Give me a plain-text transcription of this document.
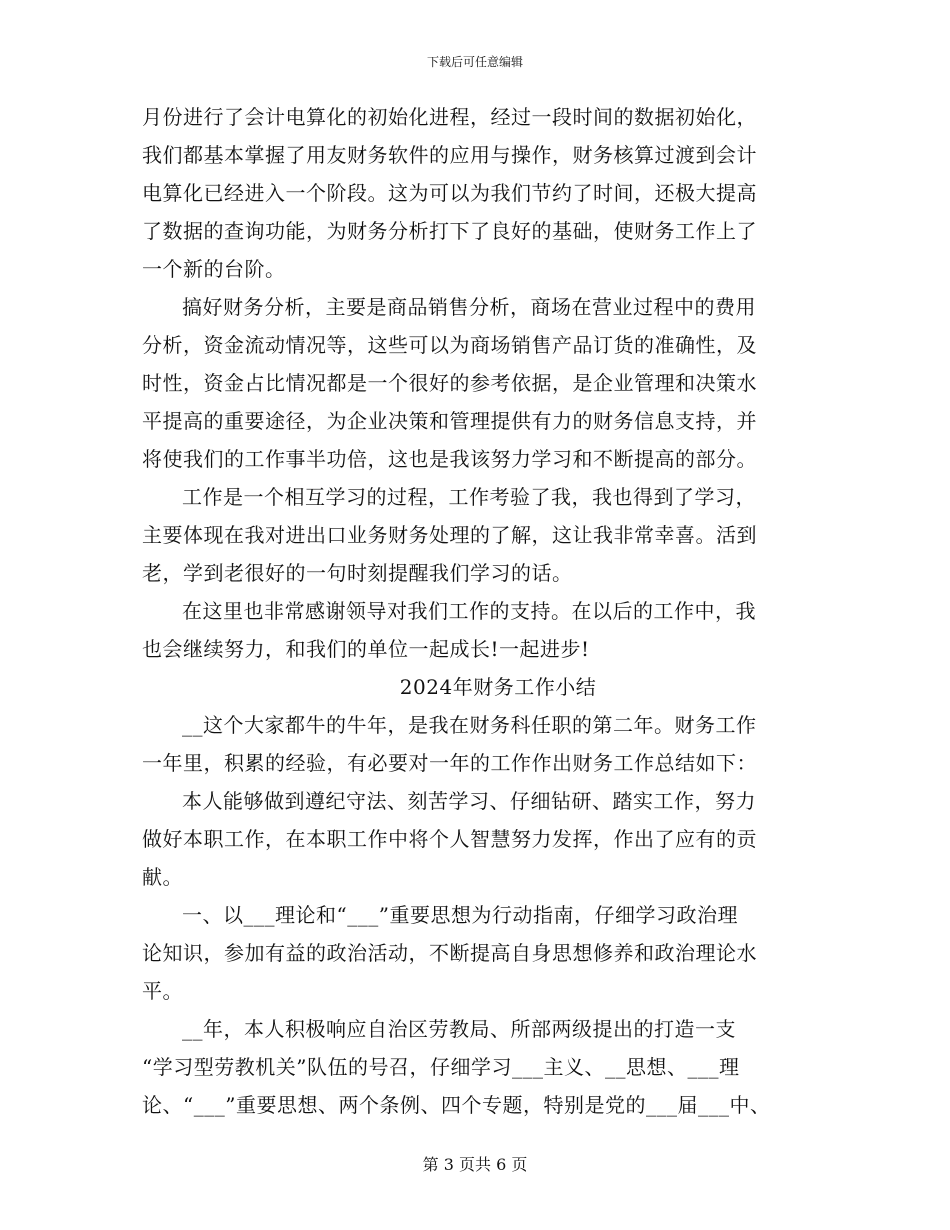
下载后可任意编辑
月份进行了会计电算化的初始化进程，经过一段时间的数据初始化，
我们都基本掌握了用友财务软件的应用与操作，财务核算过渡到会计
电算化已经进入一个阶段。这为可以为我们节约了时间，还极大提高
了数据的查询功能，为财务分析打下了良好的基础，使财务工作上了
一个新的台阶。
搞好财务分析，主要是商品销售分析，商场在营业过程中的费用
分析，资金流动情况等，这些可以为商场销售产品订货的准确性，及
时性，资金占比情况都是一个很好的参考依据，是企业管理和决策水
平提高的重要途径，为企业决策和管理提供有力的财务信息支持，并
将使我们的工作事半功倍，这也是我该努力学习和不断提高的部分。
工作是一个相互学习的过程，工作考验了我，我也得到了学习，
主要体现在我对进出口业务财务处理的了解，这让我非常幸喜。活到
老，学到老很好的一句时刻提醒我们学习的话。
在这里也非常感谢领导对我们工作的支持。在以后的工作中，我
也会继续努力，和我们的单位一起成长!一起进步!
2024年财务工作小结
__这个大家都牛的牛年，是我在财务科任职的第二年。财务工作
一年里，积累的经验，有必要对一年的工作作出财务工作总结如下：
本人能够做到遵纪守法、刻苦学习、仔细钻研、踏实工作，努力
做好本职工作，在本职工作中将个人智慧努力发挥，作出了应有的贡
献。
一、以___理论和“___”重要思想为行动指南，仔细学习政治理
论知识，参加有益的政治活动，不断提高自身思想修养和政治理论水
平。
__年，本人积极响应自治区劳教局、所部两级提出的打造一支
“学习型劳教机关”队伍的号召，仔细学习___主义、__思想、___理
论、“___”重要思想、两个条例、四个专题，特别是党的___届___中、
第 3 页共 6 页
